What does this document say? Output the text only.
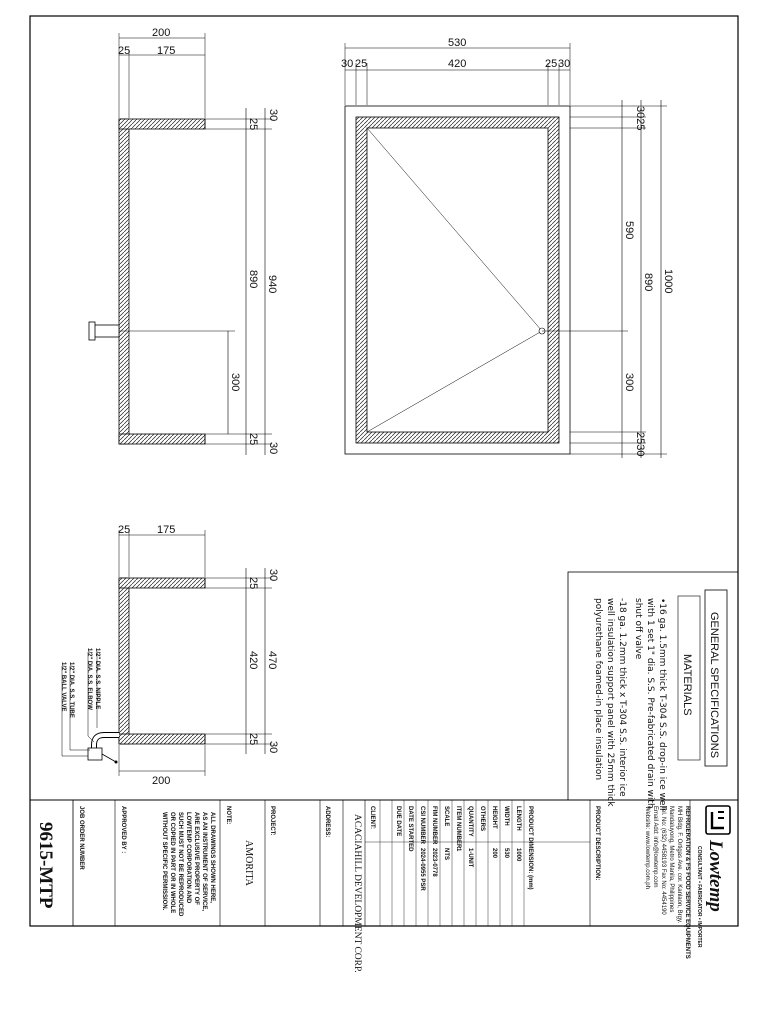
200
25 175
30
25
890 940
300
25
30
530
30 25	420	25 30
3025
590
890 1000
300
2530
1/2" DIA. S.S. NIPPLE
1/2" DIA. S.S. ELBOW
1/2" DIA. S.S. TUBE
1/2" BALL VALVE
25 175
200
30
25
420 470
25
30	GENERAL SPECIFICATIONS
MATERIALS
•16 ga. 1.5mm thick T-304 S.S. drop-in ice well
with 1 set 1" dia. S.S. Pre-fabricated drain with
shut off valve
-18 ga. 1.2mm thick x T-304 S.S. interior ice
well insulation support panel with 25mm thick
polyurethane foamed-in place insulation
JOB ORDER NUMBER
9615-MTP	APPROVED BY :	NOTE:
ALL DRAWINGS SHOWN HERE,
AS AN INSTRUMENT OF SERVICE,
ARE EXCLUSIVE PROPERTY OF
LOWTEMP CORPORATION AND
SUCH MUST NOT BE REPRODUCED
OR COPIED IN PART OR IN WHOLE
WITHOUT SPECIFIC PERMISSION.	PROJECT:
AMORITA
ADDRESS:	CLIENT:
ACACIAHILL DEVELOPMENT CORP.	PRODUCT DIMENSION: (mm)
LENGTH
1000
WIDTH
530
HEIGHT
200
OTHERS
QUANTITY
1-UNIT
ITEM NUMBER
1
SCALE
NTS
FIM NUMBER
2023-0778
CSI NUMBER
2024-0955 PSR
DATE STARTED
DUE DATE	PRODUCT DESCRIPTION:	REFRIGERATION & FS FOOD SERVICE EQUIPMENTS
MH Bldg. F. Ortigas Ave. cor. Kanlaon, Brgy.
Mandaluyong, Metro Manila, Philippines
Tel. No: (632) 4458193 Fax No: 4454190
Email Add: info@lowtemp.com
Website: www.lowtemp.com.ph	Lowtemp
CONSULTANT • FABRICATOR • IMPORTER
